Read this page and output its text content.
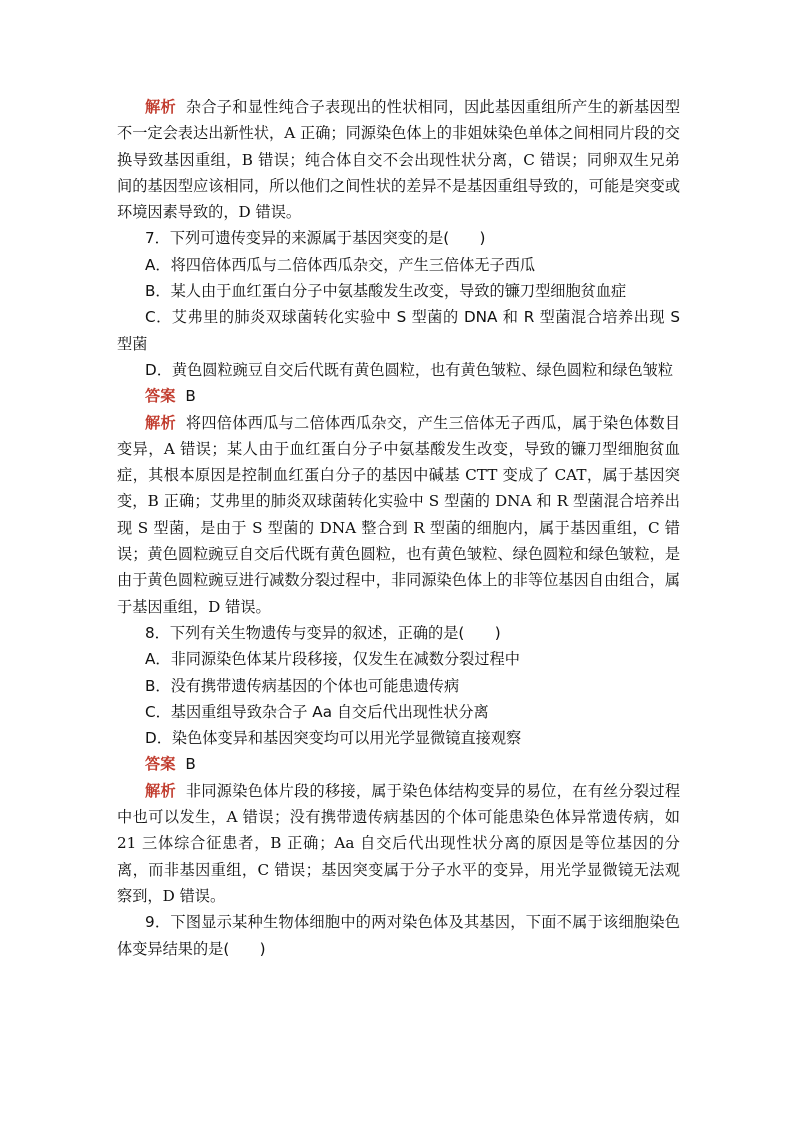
解析 杂合子和显性纯合子表现出的性状相同，因此基因重组所产生的新基因型不一定会表达出新性状，A 正确；同源染色体上的非姐妹染色单体之间相同片段的交换导致基因重组，B 错误；纯合体自交不会出现性状分离，C 错误；同卵双生兄弟间的基因型应该相同，所以他们之间性状的差异不是基因重组导致的，可能是突变或环境因素导致的，D 错误。

7．下列可遗传变异的来源属于基因突变的是(　　)

A．将四倍体西瓜与二倍体西瓜杂交，产生三倍体无子西瓜

B．某人由于血红蛋白分子中氨基酸发生改变，导致的镰刀型细胞贫血症

C．艾弗里的肺炎双球菌转化实验中 S 型菌的 DNA 和 R 型菌混合培养出现 S 型菌

D．黄色圆粒豌豆自交后代既有黄色圆粒，也有黄色皱粒、绿色圆粒和绿色皱粒

答案 B

解析 将四倍体西瓜与二倍体西瓜杂交，产生三倍体无子西瓜，属于染色体数目变异，A 错误；某人由于血红蛋白分子中氨基酸发生改变，导致的镰刀型细胞贫血症，其根本原因是控制血红蛋白分子的基因中碱基 CTT 变成了 CAT，属于基因突变，B 正确；艾弗里的肺炎双球菌转化实验中 S 型菌的 DNA 和 R 型菌混合培养出现 S 型菌，是由于 S 型菌的 DNA 整合到 R 型菌的细胞内，属于基因重组，C 错误；黄色圆粒豌豆自交后代既有黄色圆粒，也有黄色皱粒、绿色圆粒和绿色皱粒，是由于黄色圆粒豌豆进行减数分裂过程中，非同源染色体上的非等位基因自由组合，属于基因重组，D 错误。

8．下列有关生物遗传与变异的叙述，正确的是(　　)

A．非同源染色体某片段移接，仅发生在减数分裂过程中

B．没有携带遗传病基因的个体也可能患遗传病

C．基因重组导致杂合子 Aa 自交后代出现性状分离

D．染色体变异和基因突变均可以用光学显微镜直接观察

答案 B

解析 非同源染色体片段的移接，属于染色体结构变异的易位，在有丝分裂过程中也可以发生，A 错误；没有携带遗传病基因的个体可能患染色体异常遗传病，如 21 三体综合征患者，B 正确；Aa 自交后代出现性状分离的原因是等位基因的分离，而非基因重组，C 错误；基因突变属于分子水平的变异，用光学显微镜无法观察到，D 错误。

9．下图显示某种生物体细胞中的两对染色体及其基因，下面不属于该细胞染色体变异结果的是(　　)
